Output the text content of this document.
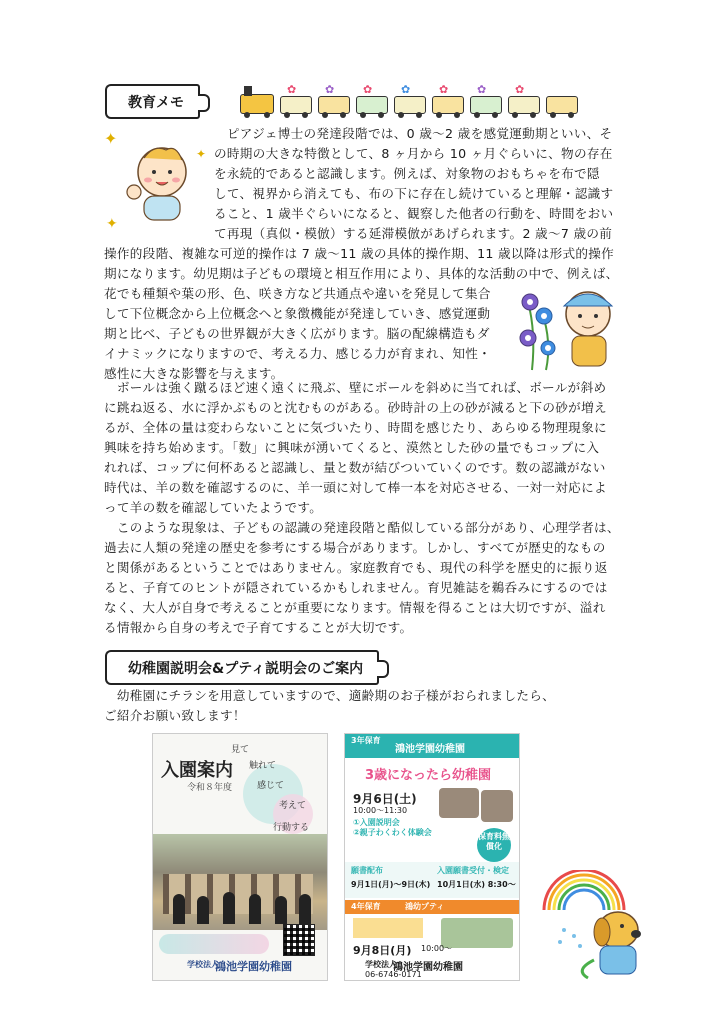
教育メモ
✿	✿	✿	✿	✿	✿	✿
✦
✦
✦
　ピアジェ博士の発達段階では、0 歳〜2 歳を感覚運動期といい、そ
の時期の大きな特徴として、8 ヶ月から 10 ヶ月ぐらいに、物の存在
を永続的であると認識します。例えば、対象物のおもちゃを布で隠
して、視界から消えても、布の下に存在し続けていると理解・認識す
ること、1 歳半ぐらいになると、観察した他者の行動を、時間をおい
て再現（真似・模倣）する延滞模倣があげられます。2 歳〜7 歳の前
操作的段階、複雑な可逆的操作は 7 歳〜11 歳の具体的操作期、11 歳以降は形式的操作
期になります。幼児期は子どもの環境と相互作用により、具体的な活動の中で、例えば、
花でも種類や葉の形、色、咲き方など共通点や違いを発見して集合
して下位概念から上位概念へと象徴機能が発達していき、感覚運動
期と比べ、子どもの世界観が大きく広がります。脳の配線構造もダ
イナミックになりますので、考える力、感じる力が育まれ、知性・
感性に大きな影響を与えます。
　ボールは強く蹴るほど速く遠くに飛ぶ、壁にボールを斜めに当てれば、ボールが斜め
に跳ね返る、水に浮かぶものと沈むものがある。砂時計の上の砂が減ると下の砂が増え
るが、全体の量は変わらないことに気づいたり、時間を感じたり、あらゆる物理現象に
興味を持ち始めます。「数」に興味が湧いてくると、漠然とした砂の量でもコップに入
れれば、コップに何杯あると認識し、量と数が結びついていくのです。数の認識がない
時代は、羊の数を確認するのに、羊一頭に対して棒一本を対応させる、一対一対応によ
って羊の数を確認していたようです。
　このような現象は、子どもの認識の発達段階と酷似している部分があり、心理学者は、
過去に人類の発達の歴史を参考にする場合があります。しかし、すべてが歴史的なもの
と関係があるということではありません。家庭教育でも、現代の科学を歴史的に振り返
ると、子育てのヒントが隠されているかもしれません。育児雑誌を鵜呑みにするのでは
なく、大人が自身で考えることが重要になります。情報を得ることは大切ですが、溢れ
る情報から自身の考えで子育てすることが大切です。
幼稚園説明会&プティ説明会のご案内
　幼稚園にチラシを用意していますので、適齢期のお子様がおられましたら、
ご紹介お願い致します！
入園案内
令和８年度
見て
触れて
感じて
考えて
行動する
学校法人
鴻池学園幼稚園
3年保育
鴻池学園幼稚園
3歳になったら幼稚園
9月6日(土)
10:00〜11:30
①入園説明会
②親子わくわく体験会	保育料無償化
願書配布
9月1日(月)〜9日(木)
入園願書受付・検定
10月1日(水) 8:30〜
4年保育	鴻幼プティ
9月8日(月) 10:00〜
学校法人
鴻池学園幼稚園
06-6746-0171
